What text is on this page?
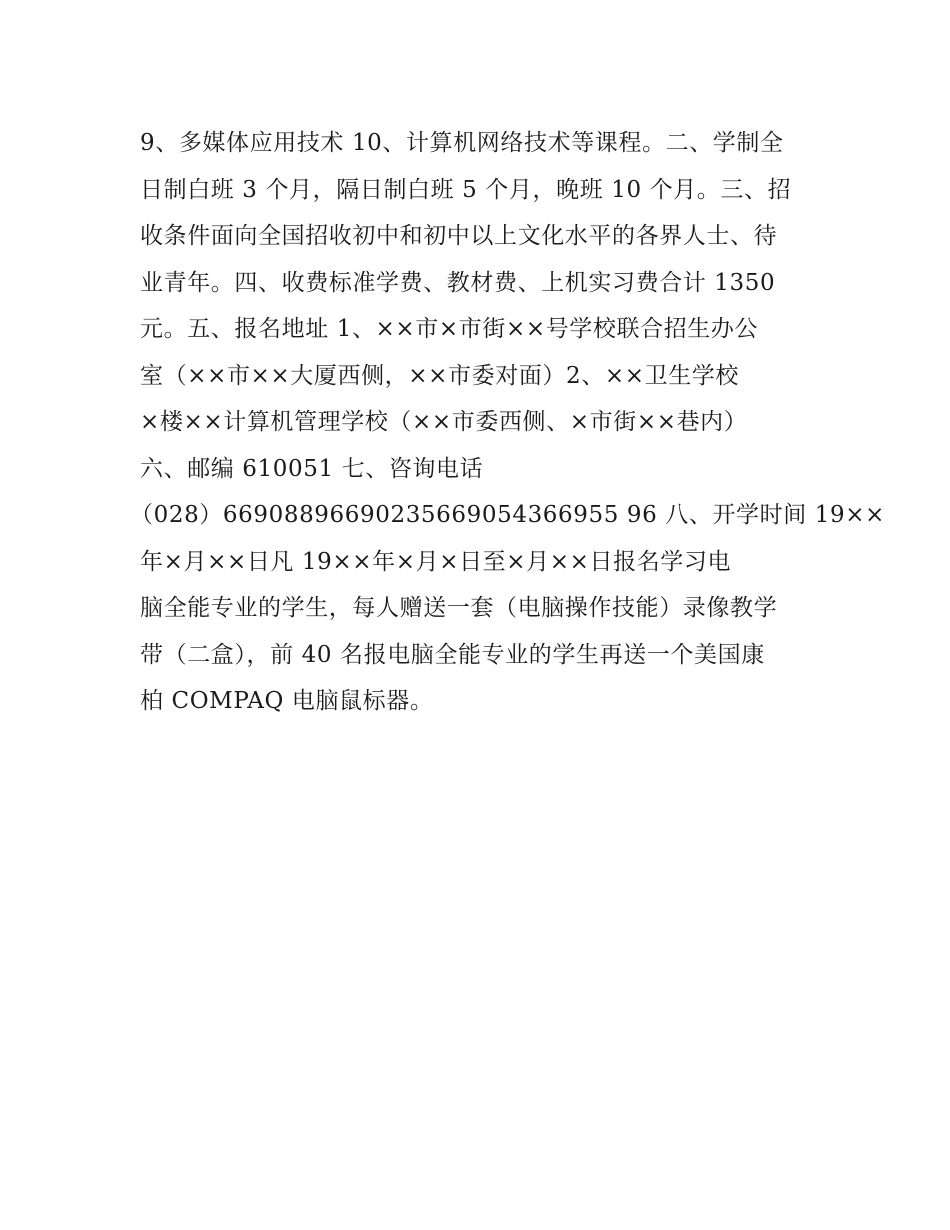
9、多媒体应用技术 10、计算机网络技术等课程。二、学制全
日制白班 3 个月，隔日制白班 5 个月，晚班 10 个月。三、招
收条件面向全国招收初中和初中以上文化水平的各界人士、待
业青年。四、收费标准学费、教材费、上机实习费合计 1350
元。五、报名地址 1、××市×市街××号学校联合招生办公
室（××市××大厦西侧，××市委对面）2、××卫生学校
×楼××计算机管理学校（××市委西侧、×市街××巷内）
六、邮编 610051 七、咨询电话
（028）66908896690235669054366955 96 八、开学时间 19××
年×月××日凡 19××年×月×日至×月××日报名学习电
脑全能专业的学生，每人赠送一套（电脑操作技能）录像教学
带（二盒），前 40 名报电脑全能专业的学生再送一个美国康
柏 COMPAQ 电脑鼠标器。
